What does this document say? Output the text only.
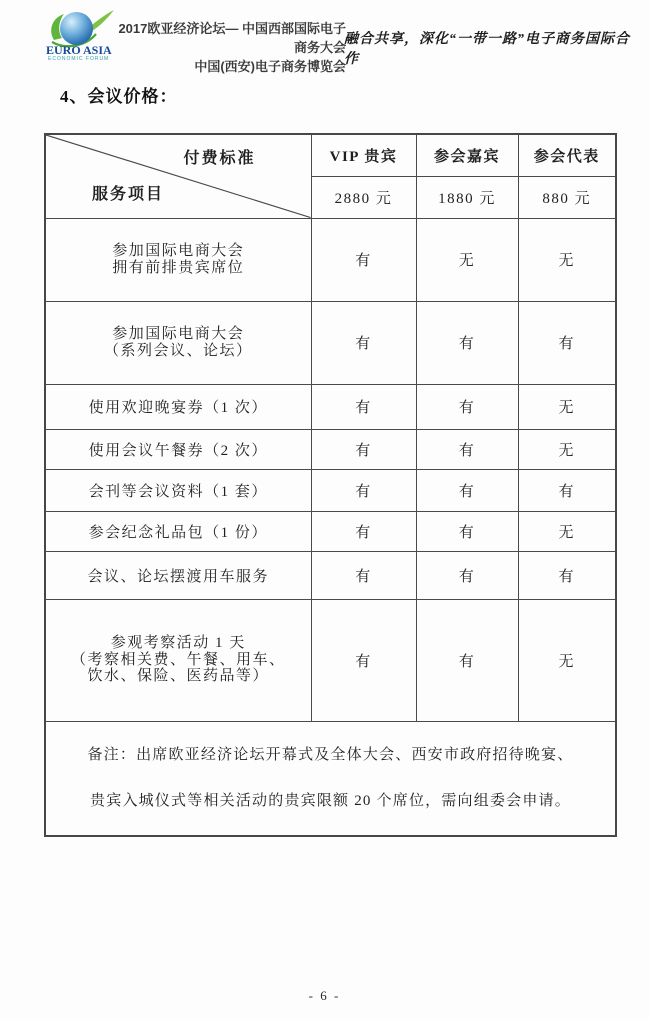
EURO ASIA
ECONOMIC FORUM
2017欧亚经济论坛— 中国西部国际电子商务大会
中国(西安)电子商务博览会
融合共享，深化“一带一路”电子商务国际合作
4、会议价格：
付费标准
服务项目	VIP 贵宾	参会嘉宾	参会代表
	2880 元	1880 元	880 元

参加国际电商大会
拥有前排贵宾席位	有	无	无

参加国际电商大会
（系列会议、论坛）	有	有	有
使用欢迎晚宴券（1 次）	有	有	无
使用会议午餐券（2 次）	有	有	无
会刊等会议资料（1 套）	有	有	有
参会纪念礼品包（1 份）	有	有	无
会议、论坛摆渡用车服务	有	有	有

参观考察活动 1 天
（考察相关费、午餐、用车、
饮水、保险、医药品等）	有	有	无

备注：出席欧亚经济论坛开幕式及全体大会、西安市政府招待晚宴、
贵宾入城仪式等相关活动的贵宾限额 20 个席位，需向组委会申请。			
- 6 -
